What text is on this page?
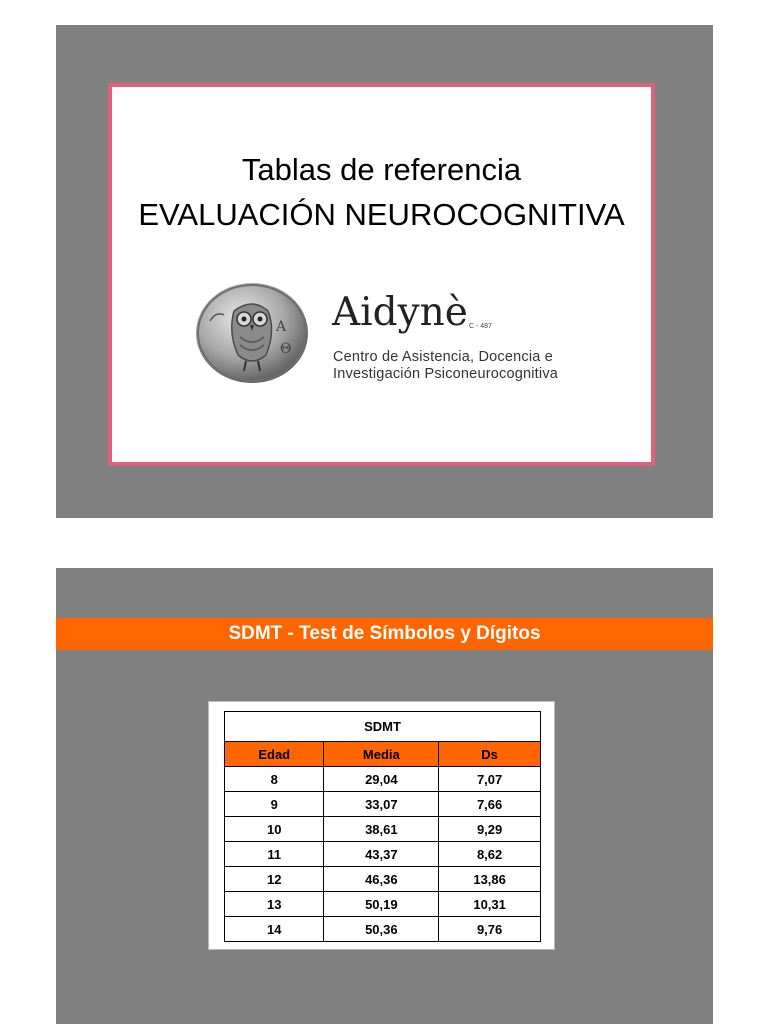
Tablas de referencia
EVALUACIÓN NEUROCOGNITIVA
A
Θ
Aidynè C - 487
Centro de Asistencia, Docencia e
Investigación Psiconeurocognitiva
SDMT - Test de Símbolos y Dígitos
SDMT		
Edad	Media	Ds
8	29,04	7,07
9	33,07	7,66
10	38,61	9,29
11	43,37	8,62
12	46,36	13,86
13	50,19	10,31
14	50,36	9,76
